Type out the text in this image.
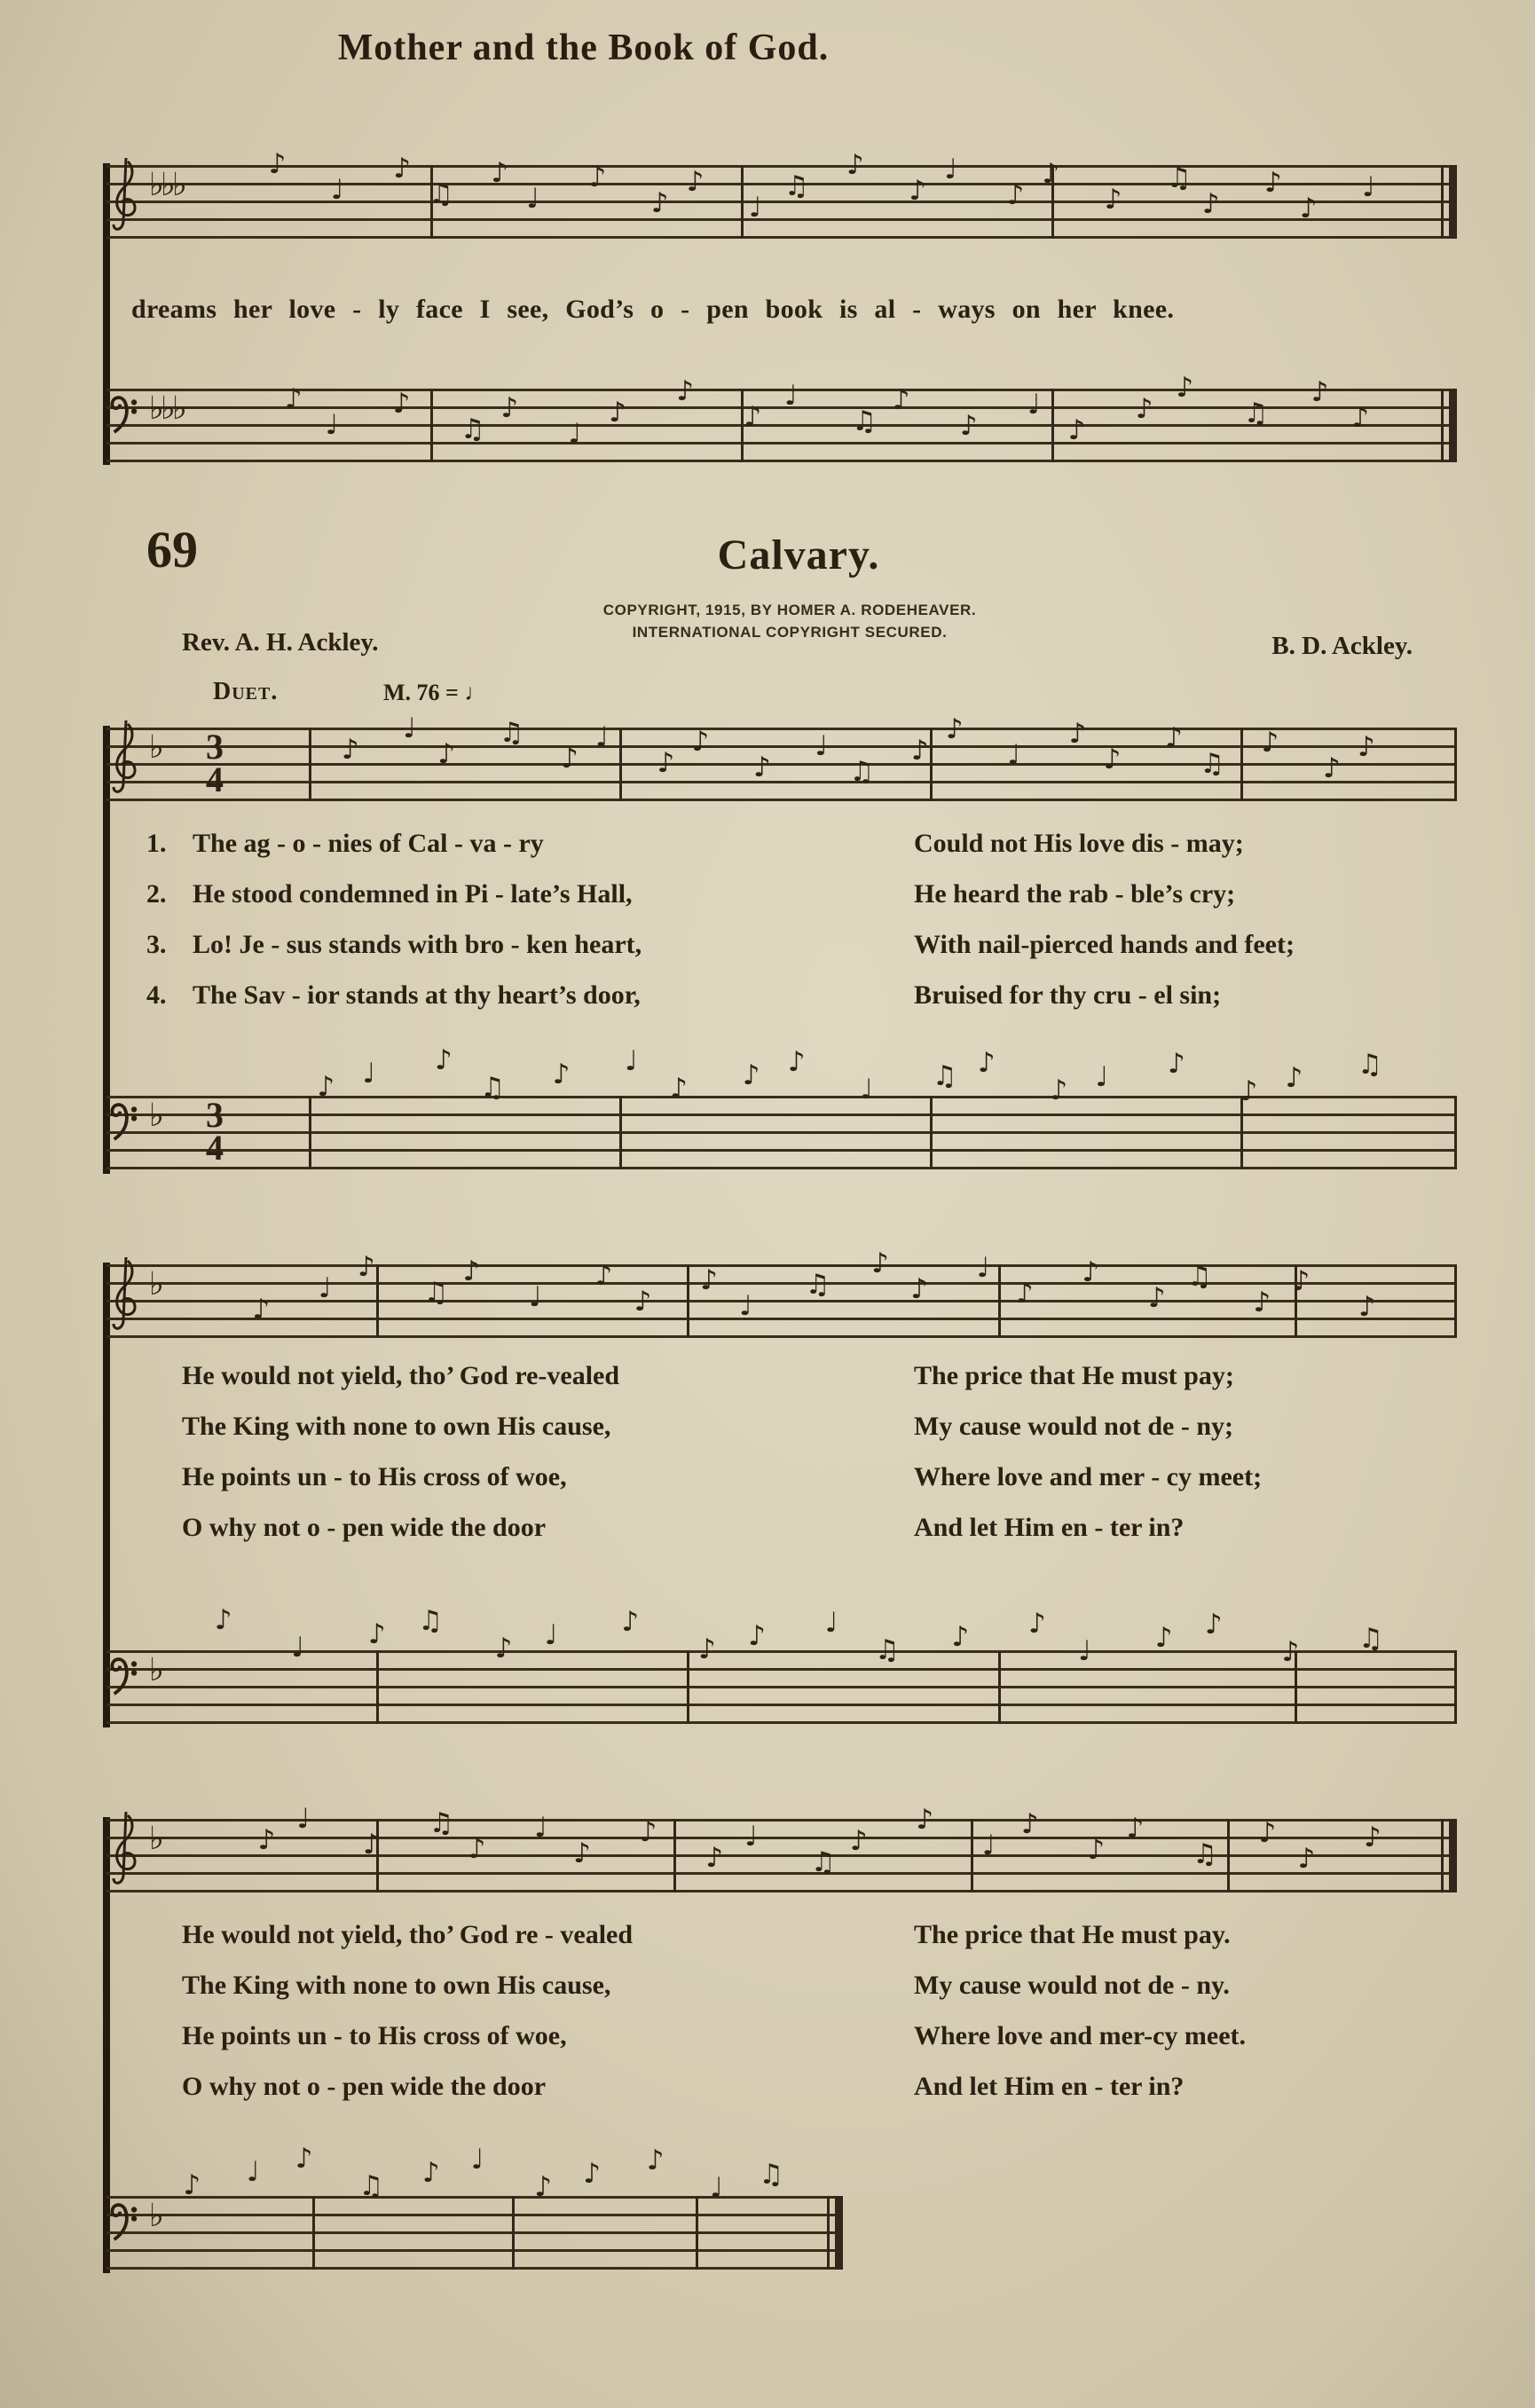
Mother and the Book of God.
♭♭♭
♪
♩
♪
♫
♪
♩
♪
♪
♪
♩
♫
♪
♪
♩
♪
♪
♪
♫
♪
♪
♪
♩
dreams her love - ly face I see, God’s o - pen book is al - ways on her knee.
♭♭♭	♪
♩
♪
♫
♪
♩
♪
♪
♪
♩
♫
♪
♪
♩
♪
♪
♪
♫
♪
♪
69	Calvary.
COPYRIGHT, 1915, BY HOMER A. RODEHEAVER.
INTERNATIONAL COPYRIGHT SECURED.
Rev. A. H. Ackley.	B. D. Ackley.
Duet.	M. 76 = ♩
♭ 3
4
♪
♩
♪
♫
♪
♩
♪
♪
♪
♩
♫
♪
♪
♩
♪
♪
♪
♫
♪
♪
♪
1. The ag - o - nies of Cal - va - ry	Could not His love dis - may;
2. He stood condemned in Pi - late’s Hall,	He heard the rab - ble’s cry;
3. Lo! Je - sus stands with bro - ken heart,	With nail-pierced hands and feet;
4. The Sav - ior stands at thy heart’s door,	Bruised for thy cru - el sin;
♭ 3
4
♪ ♩ ♪
♫ ♪ ♩
♪ ♪ ♪
♩ ♫ ♪
♪ ♩ ♪
♪ ♪ ♫
♭
♪
♩
♪
♫
♪
♩
♪
♪
♪
♩
♫
♪
♪
♩
♪
♪
♪
♫
♪
♪
♪
He would not yield, tho’ God re-vealed	The price that He must pay;
The King with none to own His cause,	My cause would not de - ny;
He points un - to His cross of woe,	Where love and mer - cy meet;
O why not o - pen wide the door	And let Him en - ter in?
♭
♪
♩ ♪ ♫
♪ ♩ ♪
♪ ♪ ♩
♫ ♪ ♪
♩ ♪ ♪
♪ ♫
♭	♪
♩
♪
♫
♪
♩
♪
♪
♪
♩
♫
♪
♪
♩
♪
♪
♪
♫
♪
♪
♪
He would not yield, tho’ God re - vealed	The price that He must pay.
The King with none to own His cause,	My cause would not de - ny.
He points un - to His cross of woe,	Where love and mer-cy meet.
O why not o - pen wide the door	And let Him en - ter in?
♭
♪ ♩ ♪
♫ ♪ ♩
♪ ♪ ♪
♩ ♫
